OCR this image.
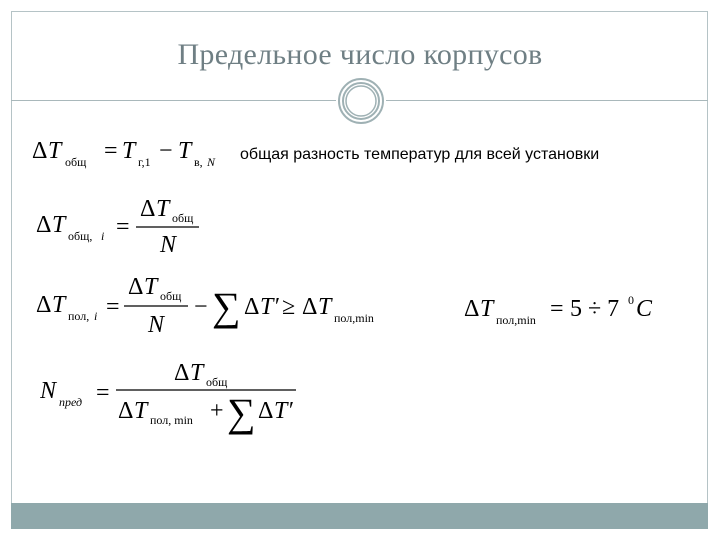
Предельное число корпусов
Δ T общ = T г,1 − T в, N общая разность температур для всей установки
Δ T общ, i =
Δ T общ
N
Δ T пол, i =
Δ T общ
N
− ∑ Δ T′ ≥ Δ T пол,min	Δ T пол,min = 5 ÷ 7 0 C
N пред =
Δ T общ
Δ T пол, min + ∑ Δ T′
